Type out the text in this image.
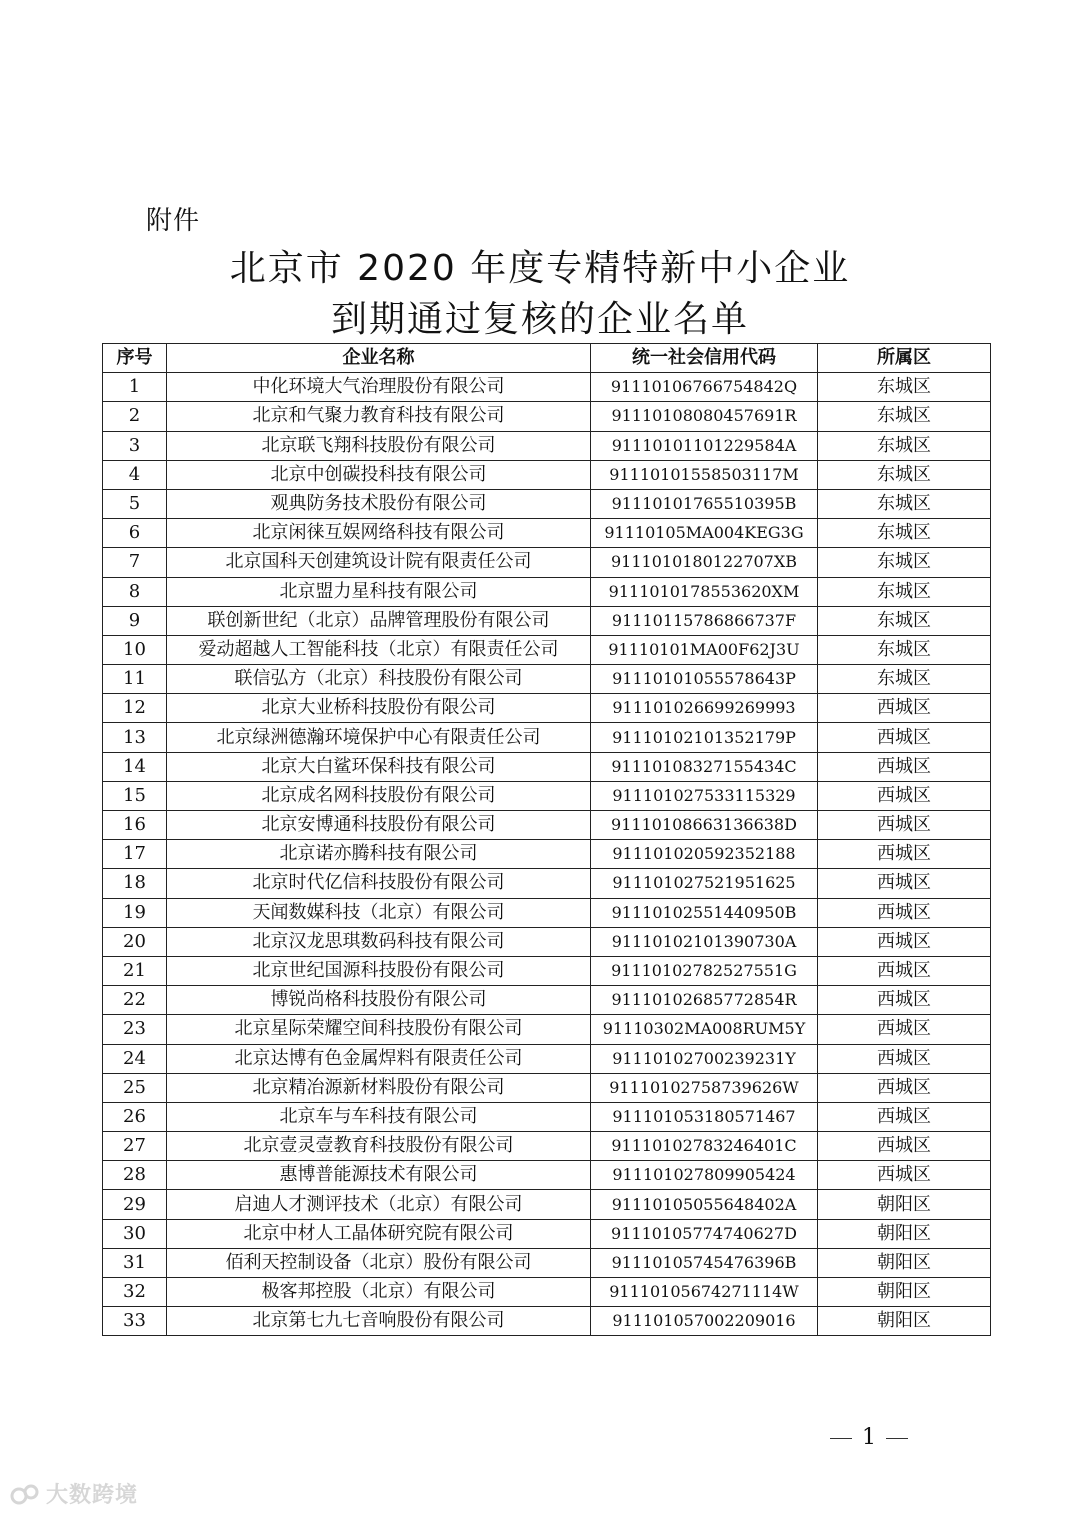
附件
北京市 2020 年度专精特新中小企业
到期通过复核的企业名单
序号	企业名称	统一社会信用代码	所属区
1	中化环境大气治理股份有限公司	91110106766754842Q	东城区
2	北京和气聚力教育科技有限公司	91110108080457691R	东城区
3	北京联飞翔科技股份有限公司	91110101101229584A	东城区
4	北京中创碳投科技有限公司	91110101558503117M	东城区
5	观典防务技术股份有限公司	91110101765510395B	东城区
6	北京闲徕互娱网络科技有限公司	91110105MA004KEG3G	东城区
7	北京国科天创建筑设计院有限责任公司	9111010180122707XB	东城区
8	北京盟力星科技有限公司	9111010178553620XM	东城区
9	联创新世纪（北京）品牌管理股份有限公司	91110115786866737F	东城区
10	爱动超越人工智能科技（北京）有限责任公司	91110101MA00F62J3U	东城区
11	联信弘方（北京）科技股份有限公司	91110101055578643P	东城区
12	北京大业桥科技股份有限公司	911101026699269993	西城区
13	北京绿洲德瀚环境保护中心有限责任公司	91110102101352179P	西城区
14	北京大白鲨环保科技有限公司	91110108327155434C	西城区
15	北京成名网科技股份有限公司	911101027533115329	西城区
16	北京安博通科技股份有限公司	91110108663136638D	西城区
17	北京诺亦腾科技有限公司	911101020592352188	西城区
18	北京时代亿信科技股份有限公司	911101027521951625	西城区
19	天闻数媒科技（北京）有限公司	91110102551440950B	西城区
20	北京汉龙思琪数码科技有限公司	91110102101390730A	西城区
21	北京世纪国源科技股份有限公司	91110102782527551G	西城区
22	博锐尚格科技股份有限公司	91110102685772854R	西城区
23	北京星际荣耀空间科技股份有限公司	91110302MA008RUM5Y	西城区
24	北京达博有色金属焊料有限责任公司	91110102700239231Y	西城区
25	北京精冶源新材料股份有限公司	91110102758739626W	西城区
26	北京车与车科技有限公司	911101053180571467	西城区
27	北京壹灵壹教育科技股份有限公司	91110102783246401C	西城区
28	惠博普能源技术有限公司	911101027809905424	西城区
29	启迪人才测评技术（北京）有限公司	91110105055648402A	朝阳区
30	北京中材人工晶体研究院有限公司	91110105774740627D	朝阳区
31	佰利天控制设备（北京）股份有限公司	91110105745476396B	朝阳区
32	极客邦控股（北京）有限公司	91110105674271114W	朝阳区
33	北京第七九七音响股份有限公司	911101057002209016	朝阳区
1
大数跨境
